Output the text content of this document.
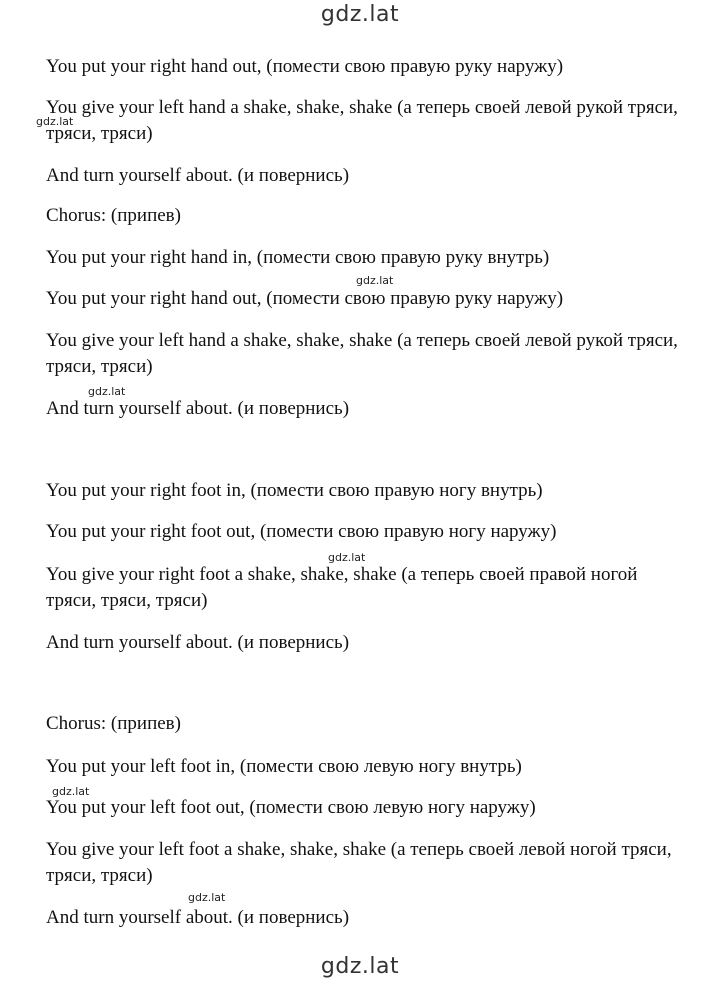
gdz.lat
You put your right hand out, (помести свою правую руку наружу)
You give your left hand a shake, shake, shake (а теперь своей левой рукой тряси, тряси, тряси)
And turn yourself about. (и повернись)
Chorus: (припев)
You put your right hand in, (помести свою правую руку внутрь)
You put your right hand out, (помести свою правую руку наружу)
You give your left hand a shake, shake, shake (а теперь своей левой рукой тряси, тряси, тряси)
And turn yourself about. (и повернись)
You put your right foot in, (помести свою правую ногу внутрь)
You put your right foot out, (помести свою правую ногу наружу)
You give your right foot a shake, shake, shake (а теперь своей правой ногой тряси, тряси, тряси)
And turn yourself about. (и повернись)
Chorus: (припев)
You put your left foot in, (помести свою левую ногу внутрь)
You put your left foot out, (помести свою левую ногу наружу)
You give your left foot a shake, shake, shake (а теперь своей левой ногой тряси, тряси, тряси)
And turn yourself about. (и повернись)
gdz.lat
gdz.lat
gdz.lat
gdz.lat
gdz.lat
gdz.lat
gdz.lat
